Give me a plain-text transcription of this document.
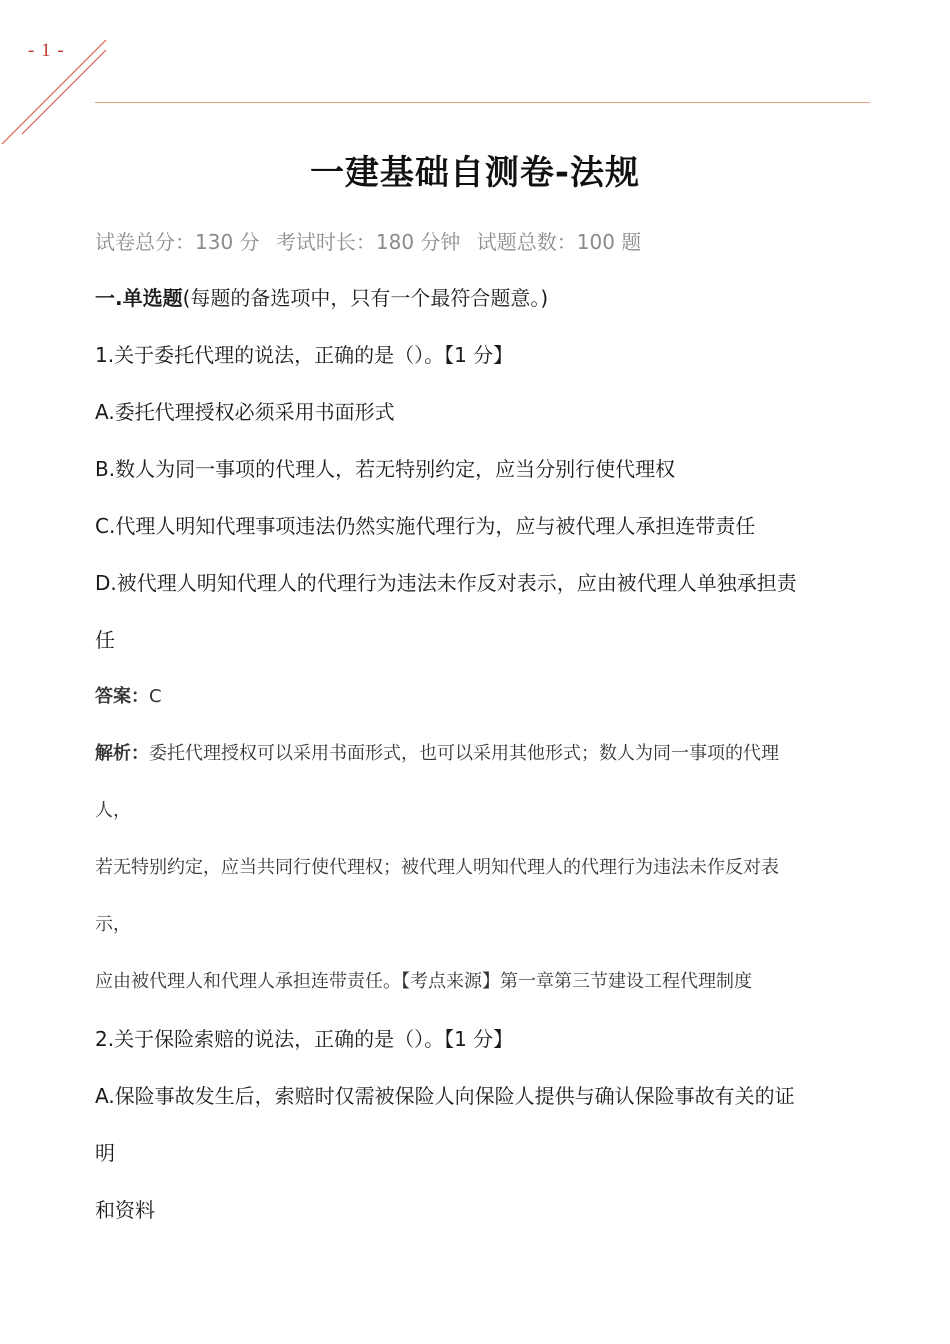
- 1 -
一建基础自测卷-法规
试卷总分：130 分 考试时长：180 分钟 试题总数：100 题
一.单选题(每题的备选项中，只有一个最符合题意。)
1.关于委托代理的说法，正确的是（）。【1 分】
A.委托代理授权必须采用书面形式
B.数人为同一事项的代理人，若无特别约定，应当分别行使代理权
C.代理人明知代理事项违法仍然实施代理行为，应与被代理人承担连带责任
D.被代理人明知代理人的代理行为违法未作反对表示，应由被代理人单独承担责
任
答案：C
解析：委托代理授权可以采用书面形式，也可以采用其他形式；数人为同一事项的代理
人，
若无特别约定，应当共同行使代理权；被代理人明知代理人的代理行为违法未作反对表
示，
应由被代理人和代理人承担连带责任。【考点来源】第一章第三节建设工程代理制度
2.关于保险索赔的说法，正确的是（）。【1 分】
A.保险事故发生后，索赔时仅需被保险人向保险人提供与确认保险事故有关的证
明
和资料
